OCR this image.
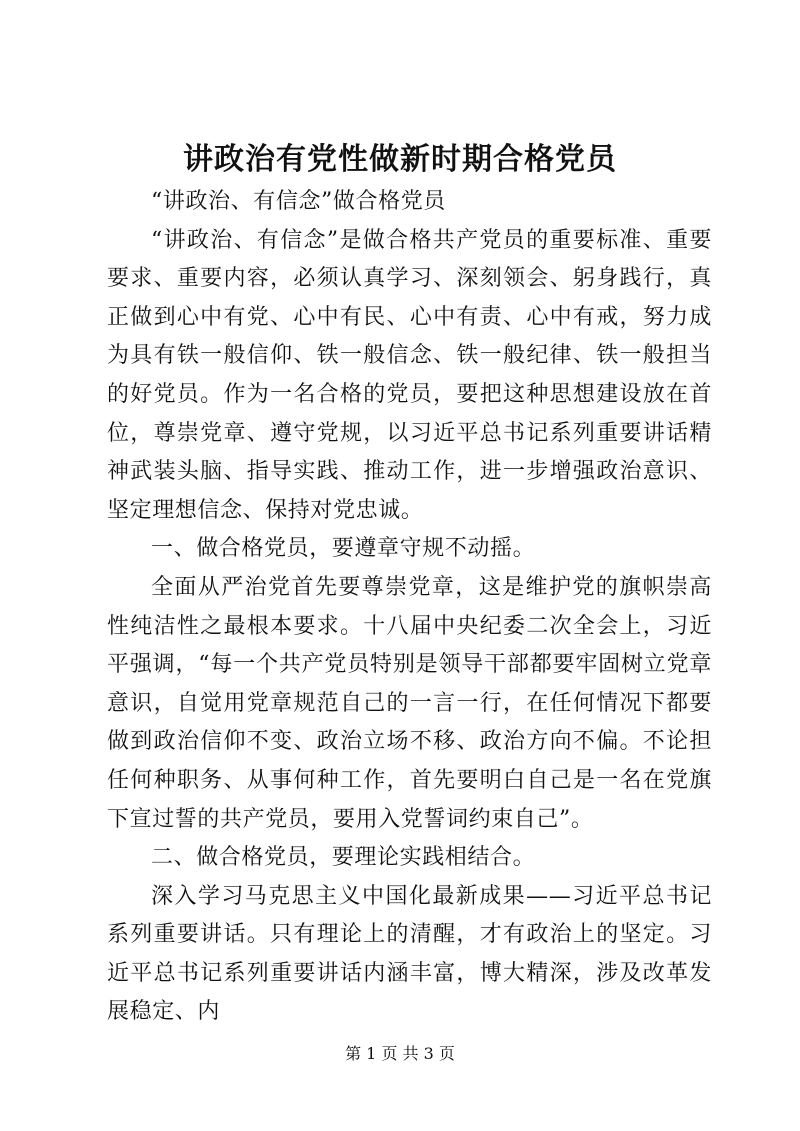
讲政治有党性做新时期合格党员

“讲政治、有信念”做合格党员

“讲政治、有信念”是做合格共产党员的重要标准、重要要求、重要内容，必须认真学习、深刻领会、躬身践行，真正做到心中有党、心中有民、心中有责、心中有戒，努力成为具有铁一般信仰、铁一般信念、铁一般纪律、铁一般担当的好党员。作为一名合格的党员，要把这种思想建设放在首位，尊崇党章、遵守党规，以习近平总书记系列重要讲话精神武装头脑、指导实践、推动工作，进一步增强政治意识、坚定理想信念、保持对党忠诚。

一、做合格党员，要遵章守规不动摇。

全面从严治党首先要尊崇党章，这是维护党的旗帜崇高性纯洁性之最根本要求。十八届中央纪委二次全会上，习近平强调，“每一个共产党员特别是领导干部都要牢固树立党章意识，自觉用党章规范自己的一言一行，在任何情况下都要做到政治信仰不变、政治立场不移、政治方向不偏。不论担任何种职务、从事何种工作，首先要明白自己是一名在党旗下宣过誓的共产党员，要用入党誓词约束自己”。

二、做合格党员，要理论实践相结合。

深入学习马克思主义中国化最新成果——习近平总书记系列重要讲话。只有理论上的清醒，才有政治上的坚定。习近平总书记系列重要讲话内涵丰富，博大精深，涉及改革发展稳定、内

第 1 页 共 3 页
